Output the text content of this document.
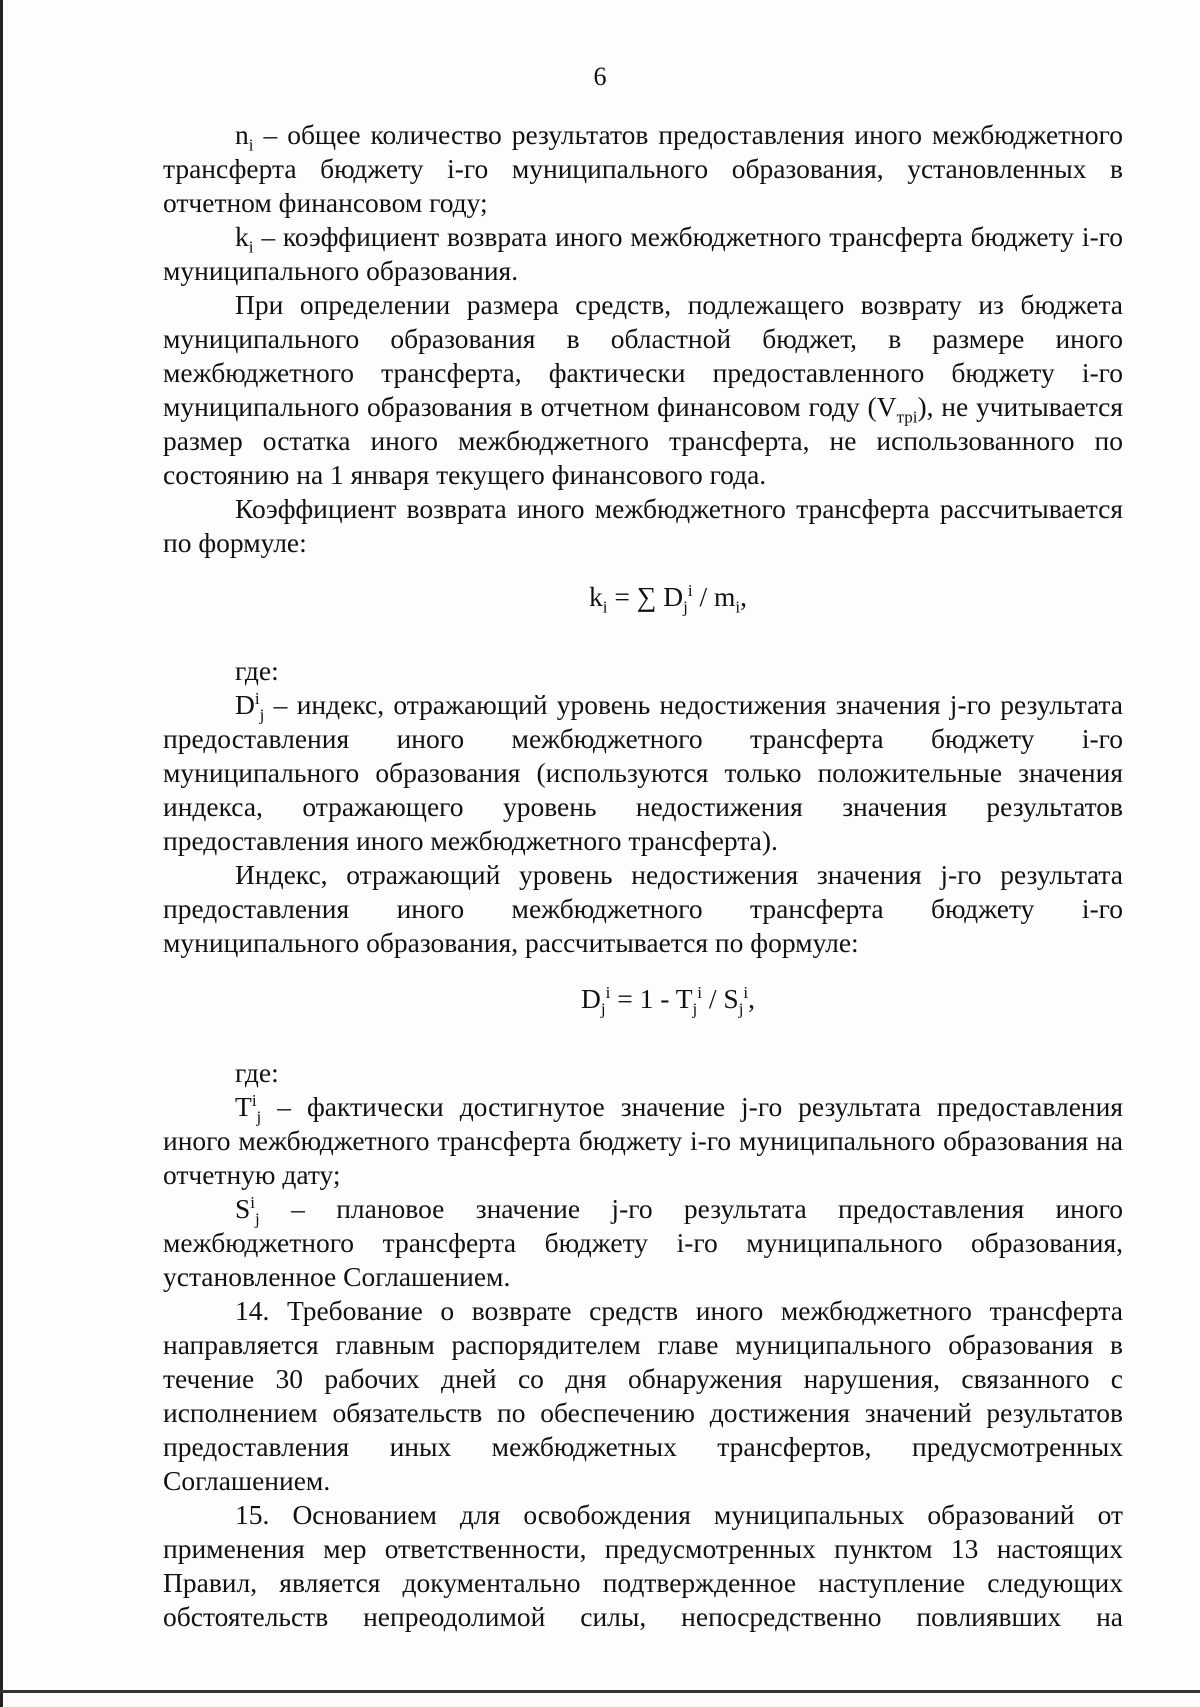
6

$n_i$ – общее количество результатов предоставления иного межбюджетного трансферта бюджету i-го муниципального образования, установленных в отчетном финансовом году;

$k_i$ – коэффициент возврата иного межбюджетного трансферта бюджету i-го муниципального образования.

При определении размера средств, подлежащего возврату из бюджета муниципального образования в областной бюджет, в размере иного межбюджетного трансферта, фактически предоставленного бюджету i-го муниципального образования в отчетном финансовом году $(V_{трi})$, не учитывается размер остатка иного межбюджетного трансферта, не использованного по состоянию на 1 января текущего финансового года.

Коэффициент возврата иного межбюджетного трансферта рассчитывается по формуле:

$k_i$ = ∑ $D_j^i / m_i$,

где:

$D^i_j$ – индекс, отражающий уровень недостижения значения j-го результата предоставления иного межбюджетного трансферта бюджету i-го муниципального образования (используются только положительные значения индекса, отражающего уровень недостижения значения результатов предоставления иного межбюджетного трансферта).

Индекс, отражающий уровень недостижения значения j-го результата предоставления иного межбюджетного трансферта бюджету i-го муниципального образования, рассчитывается по формуле:

$D_j^i = 1 - T_j^i / S_j^i$,

где:

$T^i_j$ – фактически достигнутое значение j-го результата предоставления иного межбюджетного трансферта бюджету i-го муниципального образования на отчетную дату;

$S^i_j$ – плановое значение j-го результата предоставления иного межбюджетного трансферта бюджету i-го муниципального образования, установленное Соглашением.

14. Требование о возврате средств иного межбюджетного трансферта направляется главным распорядителем главе муниципального образования в течение 30 рабочих дней со дня обнаружения нарушения, связанного с исполнением обязательств по обеспечению достижения значений результатов предоставления иных межбюджетных трансфертов, предусмотренных Соглашением.

15. Основанием для освобождения муниципальных образований от применения мер ответственности, предусмотренных пунктом 13 настоящих Правил, является документально подтвержденное наступление следующих обстоятельств непреодолимой силы, непосредственно повлиявших на
